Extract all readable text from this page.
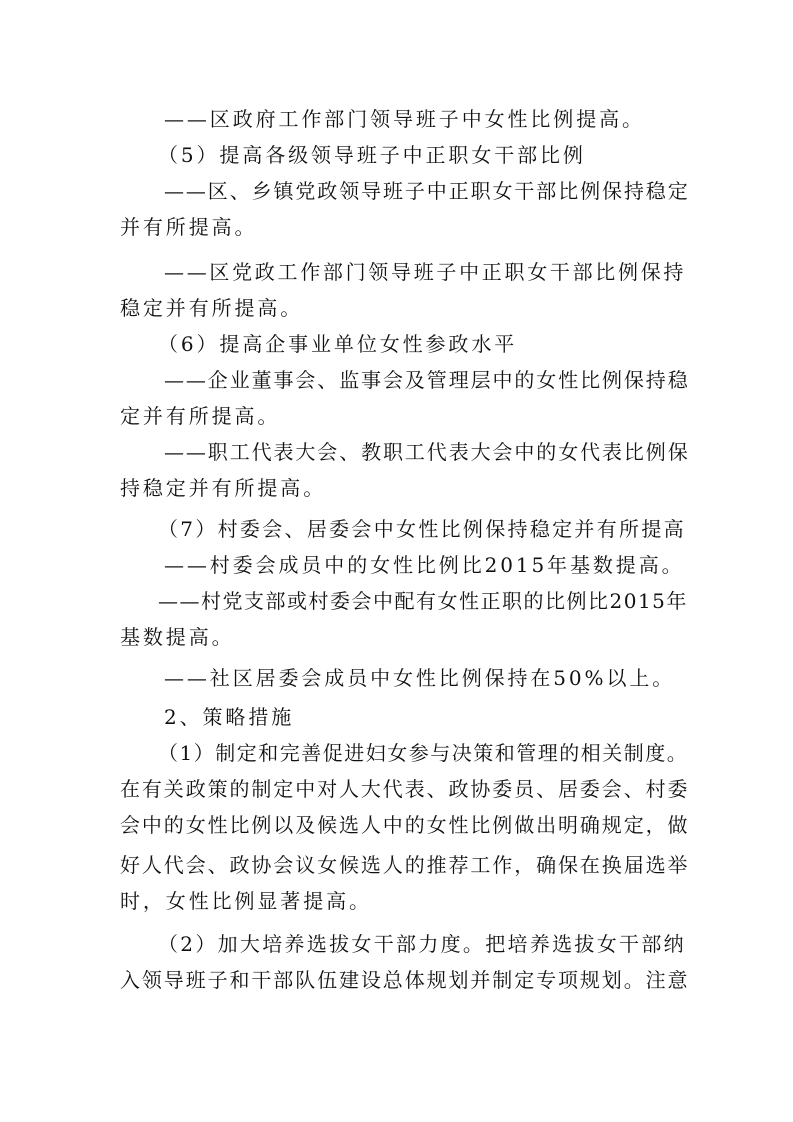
——区政府工作部门领导班子中女性比例提高。
（5）提高各级领导班子中正职女干部比例
——区、乡镇党政领导班子中正职女干部比例保持稳定
并有所提高。
——区党政工作部门领导班子中正职女干部比例保持
稳定并有所提高。
（6）提高企事业单位女性参政水平
——企业董事会、监事会及管理层中的女性比例保持稳
定并有所提高。
——职工代表大会、教职工代表大会中的女代表比例保
持稳定并有所提高。
（7）村委会、居委会中女性比例保持稳定并有所提高
——村委会成员中的女性比例比2015年基数提高。
——村党支部或村委会中配有女性正职的比例比2015年
基数提高。
——社区居委会成员中女性比例保持在50%以上。
2、策略措施
（1）制定和完善促进妇女参与决策和管理的相关制度。
在有关政策的制定中对人大代表、政协委员、居委会、村委
会中的女性比例以及候选人中的女性比例做出明确规定，做
好人代会、政协会议女候选人的推荐工作，确保在换届选举
时，女性比例显著提高。
（2）加大培养选拔女干部力度。把培养选拔女干部纳
入领导班子和干部队伍建设总体规划并制定专项规划。注意
